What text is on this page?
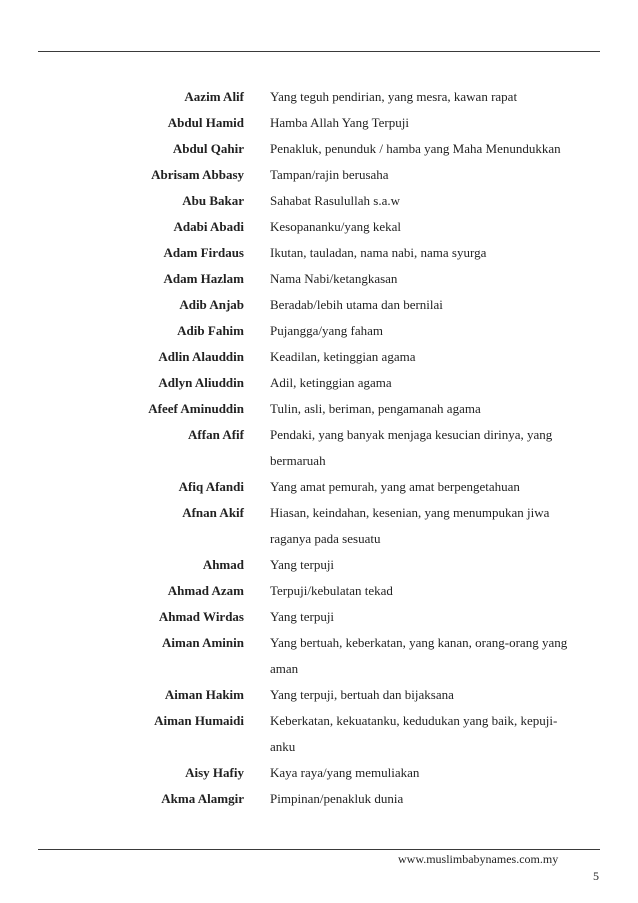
Aazim Alif Yang teguh pendirian, yang mesra, kawan rapat
Abdul Hamid Hamba Allah Yang Terpuji
Abdul Qahir Penakluk, penunduk / hamba yang Maha Menundukkan
Abrisam Abbasy Tampan/rajin berusaha
Abu Bakar Sahabat Rasulullah s.a.w
Adabi Abadi Kesopananku/yang kekal
Adam Firdaus Ikutan, tauladan, nama nabi, nama syurga
Adam Hazlam Nama Nabi/ketangkasan
Adib Anjab Beradab/lebih utama dan bernilai
Adib Fahim Pujangga/yang faham
Adlin Alauddin Keadilan, ketinggian agama
Adlyn Aliuddin Adil, ketinggian agama
Afeef Aminuddin Tulin, asli, beriman, pengamanah agama
Affan Afif Pendaki, yang banyak menjaga kesucian dirinya, yang bermaruah
Afiq Afandi Yang amat pemurah, yang amat berpengetahuan
Afnan Akif Hiasan, keindahan, kesenian, yang menumpukan jiwa raganya pada sesuatu
Ahmad Yang terpuji
Ahmad Azam Terpuji/kebulatan tekad
Ahmad Wirdas Yang terpuji
Aiman Aminin Yang bertuah, keberkatan, yang kanan, orang-orang yang aman
Aiman Hakim Yang terpuji, bertuah dan bijaksana
Aiman Humaidi Keberkatan, kekuatanku, kedudukan yang baik, kepuji-anku
Aisy Hafiy Kaya raya/yang memuliakan
Akma Alamgir Pimpinan/penakluk dunia
www.muslimbabynames.com.my
5
